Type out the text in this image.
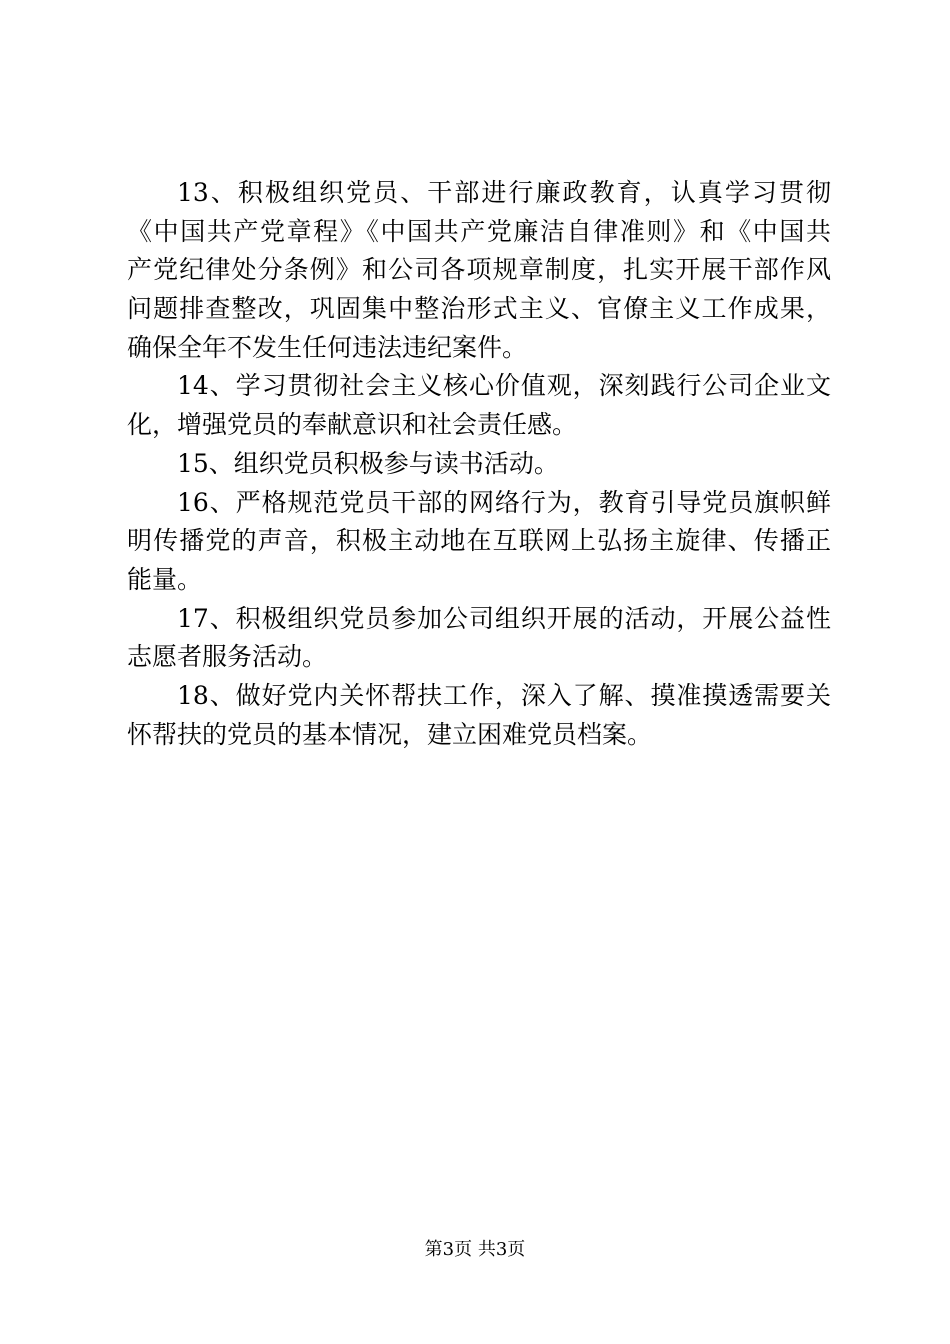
13、积极组织党员、干部进行廉政教育，认真学习贯彻
《中国共产党章程》《中国共产党廉洁自律准则》和《中国共
产党纪律处分条例》和公司各项规章制度，扎实开展干部作风
问题排查整改，巩固集中整治形式主义、官僚主义工作成果，
确保全年不发生任何违法违纪案件。
14、学习贯彻社会主义核心价值观，深刻践行公司企业文
化，增强党员的奉献意识和社会责任感。
15、组织党员积极参与读书活动。
16、严格规范党员干部的网络行为，教育引导党员旗帜鲜
明传播党的声音，积极主动地在互联网上弘扬主旋律、传播正
能量。
17、积极组织党员参加公司组织开展的活动，开展公益性
志愿者服务活动。
18、做好党内关怀帮扶工作，深入了解、摸准摸透需要关
怀帮扶的党员的基本情况，建立困难党员档案。
第3页 共3页
